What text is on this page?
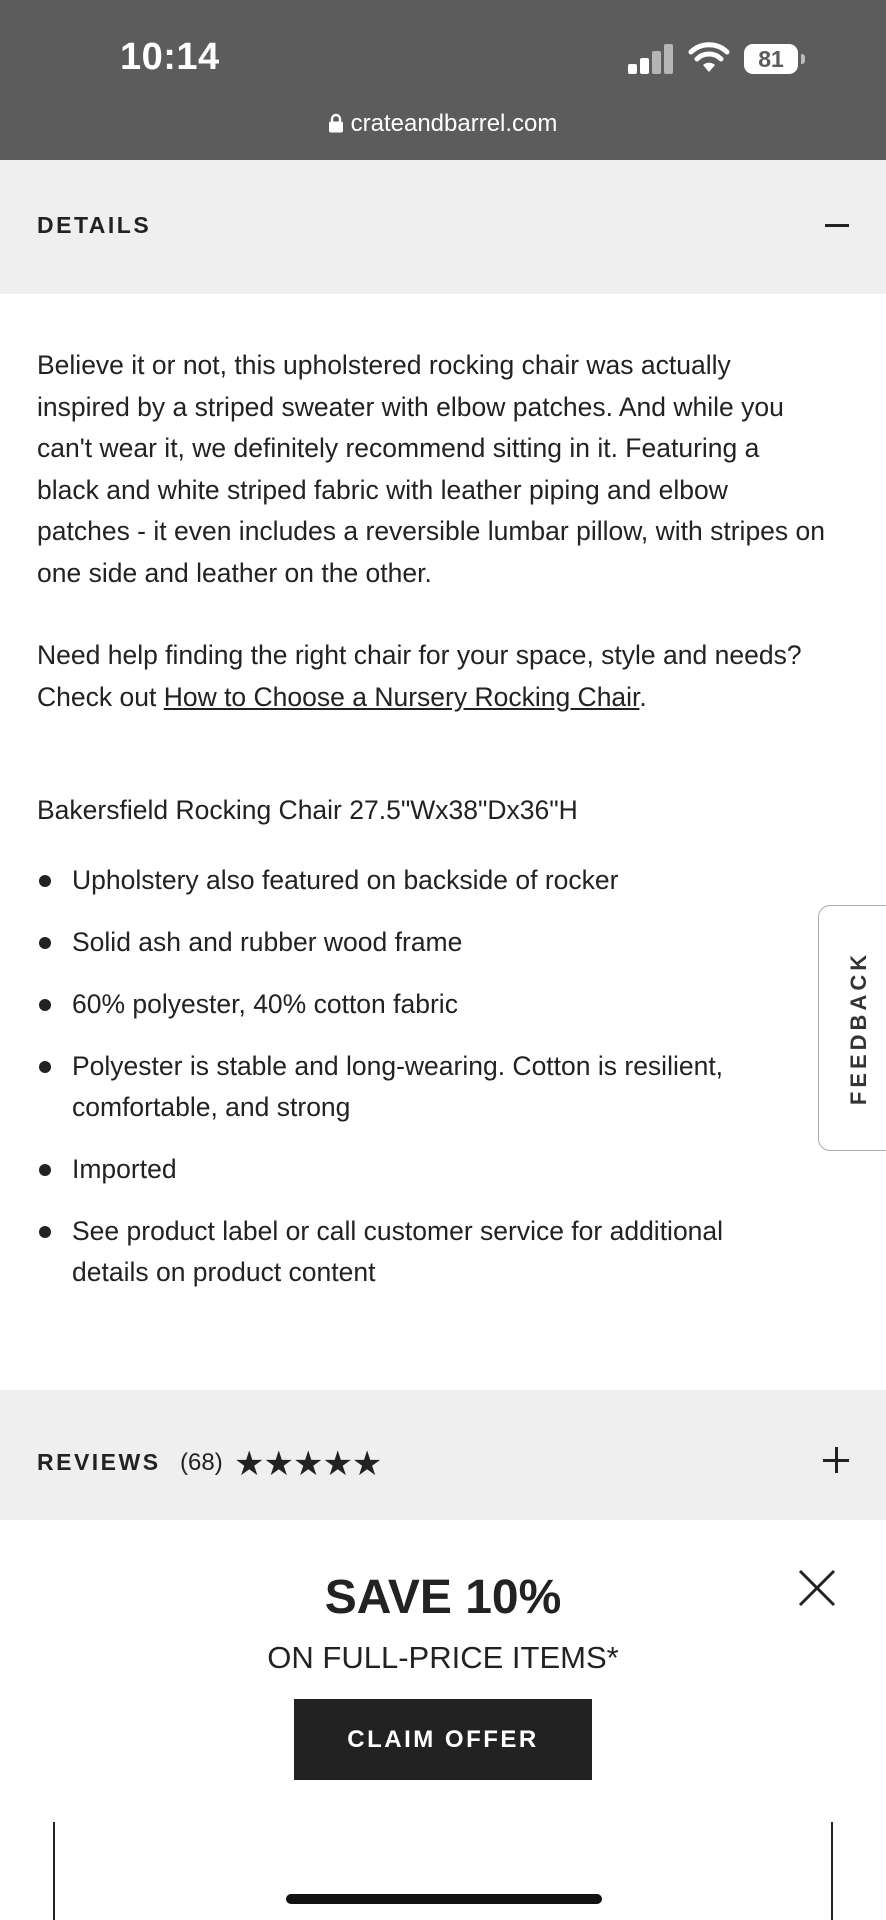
10:14	81
crateandbarrel.com
DETAILS

Believe it or not, this upholstered rocking chair was actually inspired by a striped sweater with elbow patches. And while you can't wear it, we definitely recommend sitting in it. Featuring a black and white striped fabric with leather piping and elbow patches - it even includes a reversible lumbar pillow, with stripes on one side and leather on the other.

Need help finding the right chair for your space, style and needs? Check out How to Choose a Nursery Rocking Chair.

Bakersfield Rocking Chair 27.5"Wx38"Dx36"H
Upholstery also featured on backside of rocker
Solid ash and rubber wood frame
60% polyester, 40% cotton fabric
Polyester is stable and long-wearing. Cotton is resilient, comfortable, and strong
Imported
See product label or call customer service for additional details on product content
FEEDBACK
REVIEWS (68) ★★★★★
SAVE 10%
ON FULL-PRICE ITEMS*
CLAIM OFFER
